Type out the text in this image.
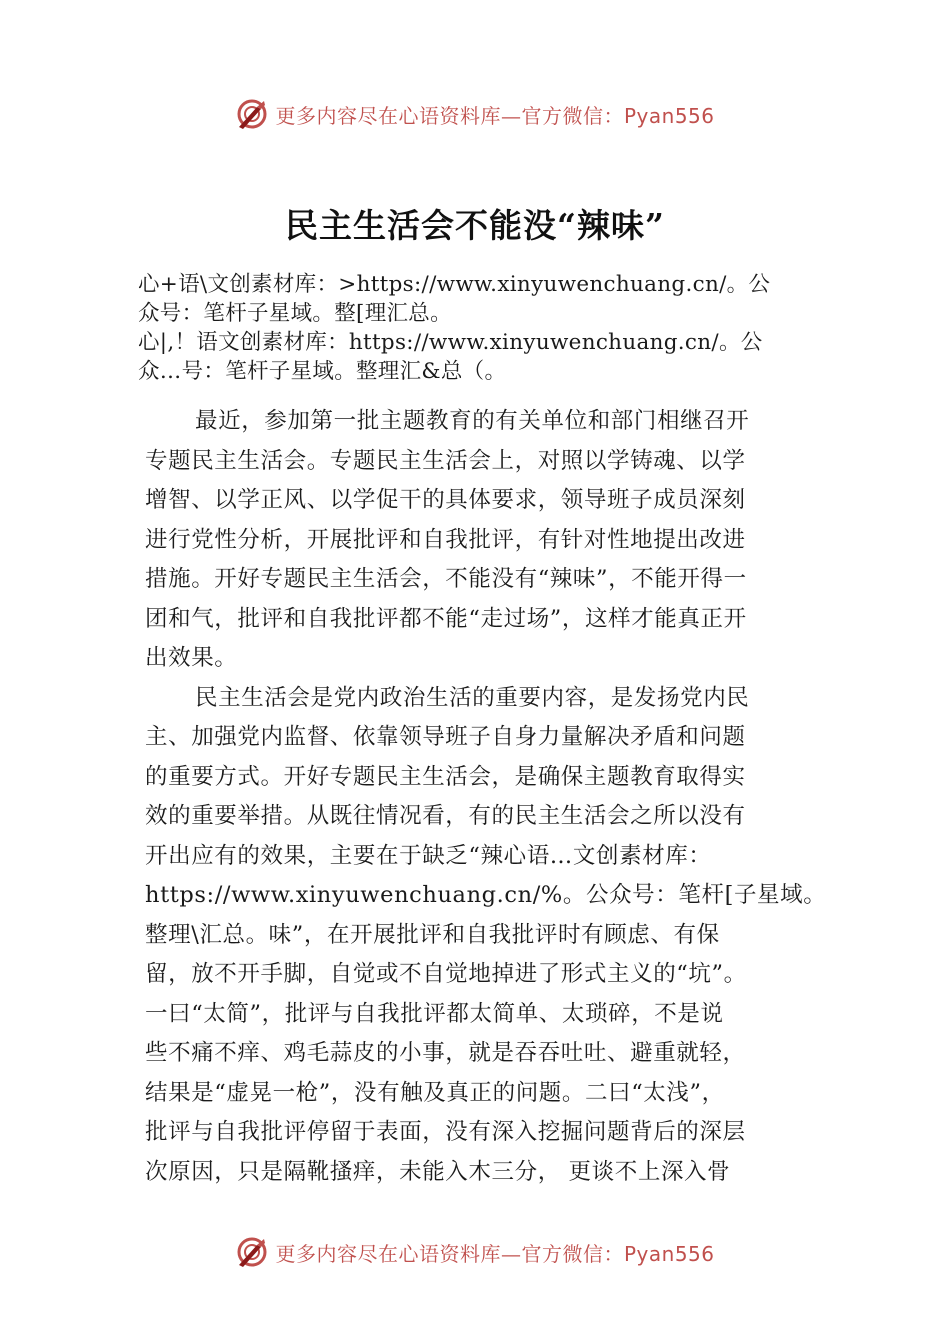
更多内容尽在心语资料库—官方微信：Pyan556
民主生活会不能没“辣味”
心+语\文创素材库：>https://www.xinyuwenchuang.cn/。公
众号：笔杆子星域。整[理汇总。
心|,！语文创素材库：https://www.xinyuwenchuang.cn/。公
众…号：笔杆子星域。整理汇&总（。
最近，参加第一批主题教育的有关单位和部门相继召开
专题民主生活会。专题民主生活会上，对照以学铸魂、以学
增智、以学正风、以学促干的具体要求，领导班子成员深刻
进行党性分析，开展批评和自我批评，有针对性地提出改进
措施。开好专题民主生活会，不能没有“辣味”，不能开得一
团和气，批评和自我批评都不能“走过场”，这样才能真正开
出效果。
民主生活会是党内政治生活的重要内容，是发扬党内民
主、加强党内监督、依靠领导班子自身力量解决矛盾和问题
的重要方式。开好专题民主生活会，是确保主题教育取得实
效的重要举措。从既往情况看，有的民主生活会之所以没有
开出应有的效果，主要在于缺乏“辣心语…文创素材库：
https://www.xinyuwenchuang.cn/%。公众号：笔杆[子星域。
整理\汇总。味”，在开展批评和自我批评时有顾虑、有保
留，放不开手脚，自觉或不自觉地掉进了形式主义的“坑”。
一曰“太简”，批评与自我批评都太简单、太琐碎，不是说
些不痛不痒、鸡毛蒜皮的小事，就是吞吞吐吐、避重就轻，
结果是“虚晃一枪”，没有触及真正的问题。二曰“太浅”，
批评与自我批评停留于表面，没有深入挖掘问题背后的深层
次原因，只是隔靴搔痒，未能入木三分， 更谈不上深入骨
更多内容尽在心语资料库—官方微信：Pyan556
